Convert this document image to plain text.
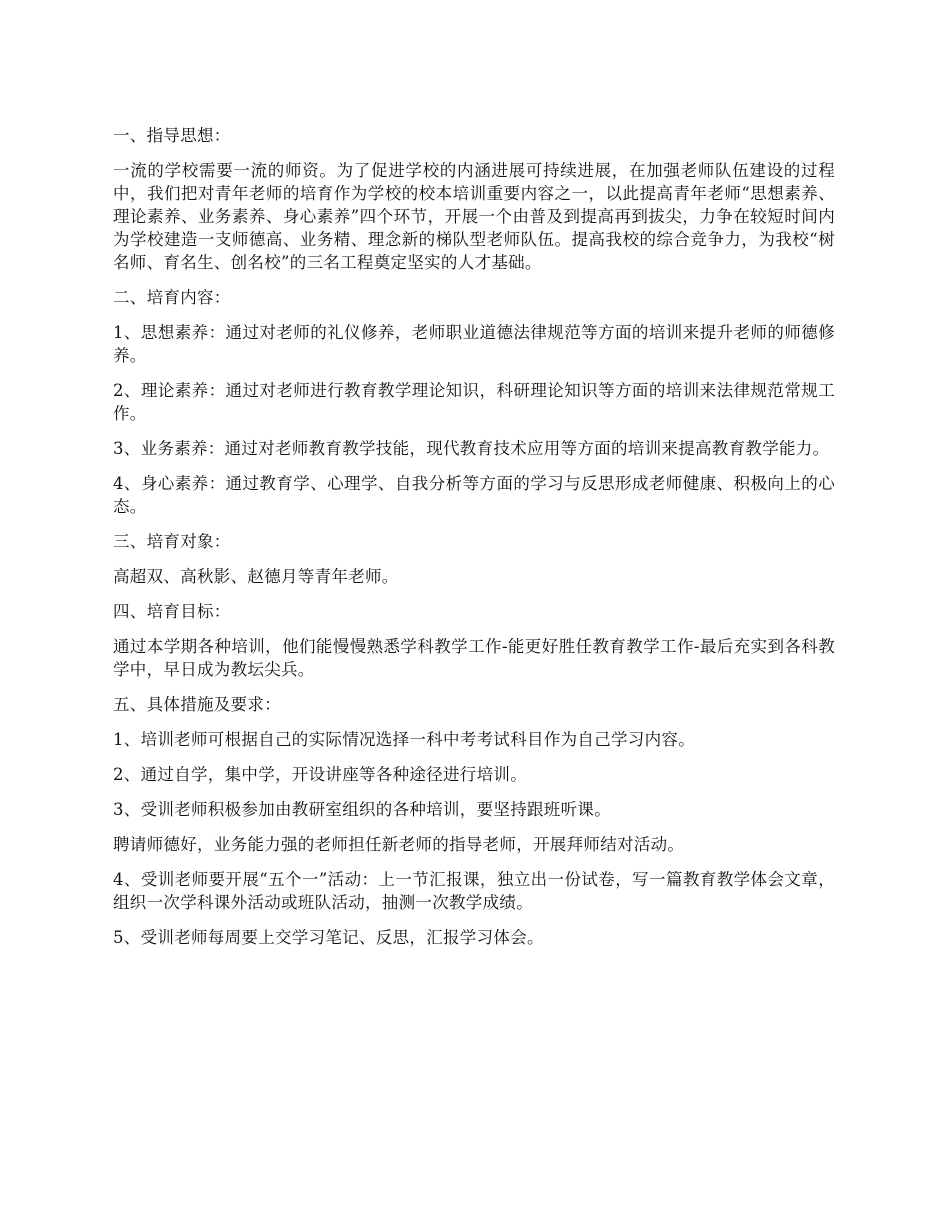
一、指导思想：

一流的学校需要一流的师资。为了促进学校的内涵进展可持续进展，在加强老师队伍建设的过程中，我们把对青年老师的培育作为学校的校本培训重要内容之一，以此提高青年老师“思想素养、理论素养、业务素养、身心素养”四个环节，开展一个由普及到提高再到拔尖，力争在较短时间内为学校建造一支师德高、业务精、理念新的梯队型老师队伍。提高我校的综合竞争力，为我校“树名师、育名生、创名校”的三名工程奠定坚实的人才基础。

二、培育内容：

1、思想素养：通过对老师的礼仪修养，老师职业道德法律规范等方面的培训来提升老师的师德修养。

2、理论素养：通过对老师进行教育教学理论知识，科研理论知识等方面的培训来法律规范常规工作。

3、业务素养：通过对老师教育教学技能，现代教育技术应用等方面的培训来提高教育教学能力。

4、身心素养：通过教育学、心理学、自我分析等方面的学习与反思形成老师健康、积极向上的心态。

三、培育对象：

高超双、高秋影、赵德月等青年老师。

四、培育目标：

通过本学期各种培训，他们能慢慢熟悉学科教学工作-能更好胜任教育教学工作-最后充实到各科教学中，早日成为教坛尖兵。

五、具体措施及要求：

1、培训老师可根据自己的实际情况选择一科中考考试科目作为自己学习内容。

2、通过自学，集中学，开设讲座等各种途径进行培训。

3、受训老师积极参加由教研室组织的各种培训，要坚持跟班听课。

聘请师德好，业务能力强的老师担任新老师的指导老师，开展拜师结对活动。

4、受训老师要开展“五个一”活动：上一节汇报课，独立出一份试卷，写一篇教育教学体会文章，组织一次学科课外活动或班队活动，抽测一次教学成绩。

5、受训老师每周要上交学习笔记、反思，汇报学习体会。
